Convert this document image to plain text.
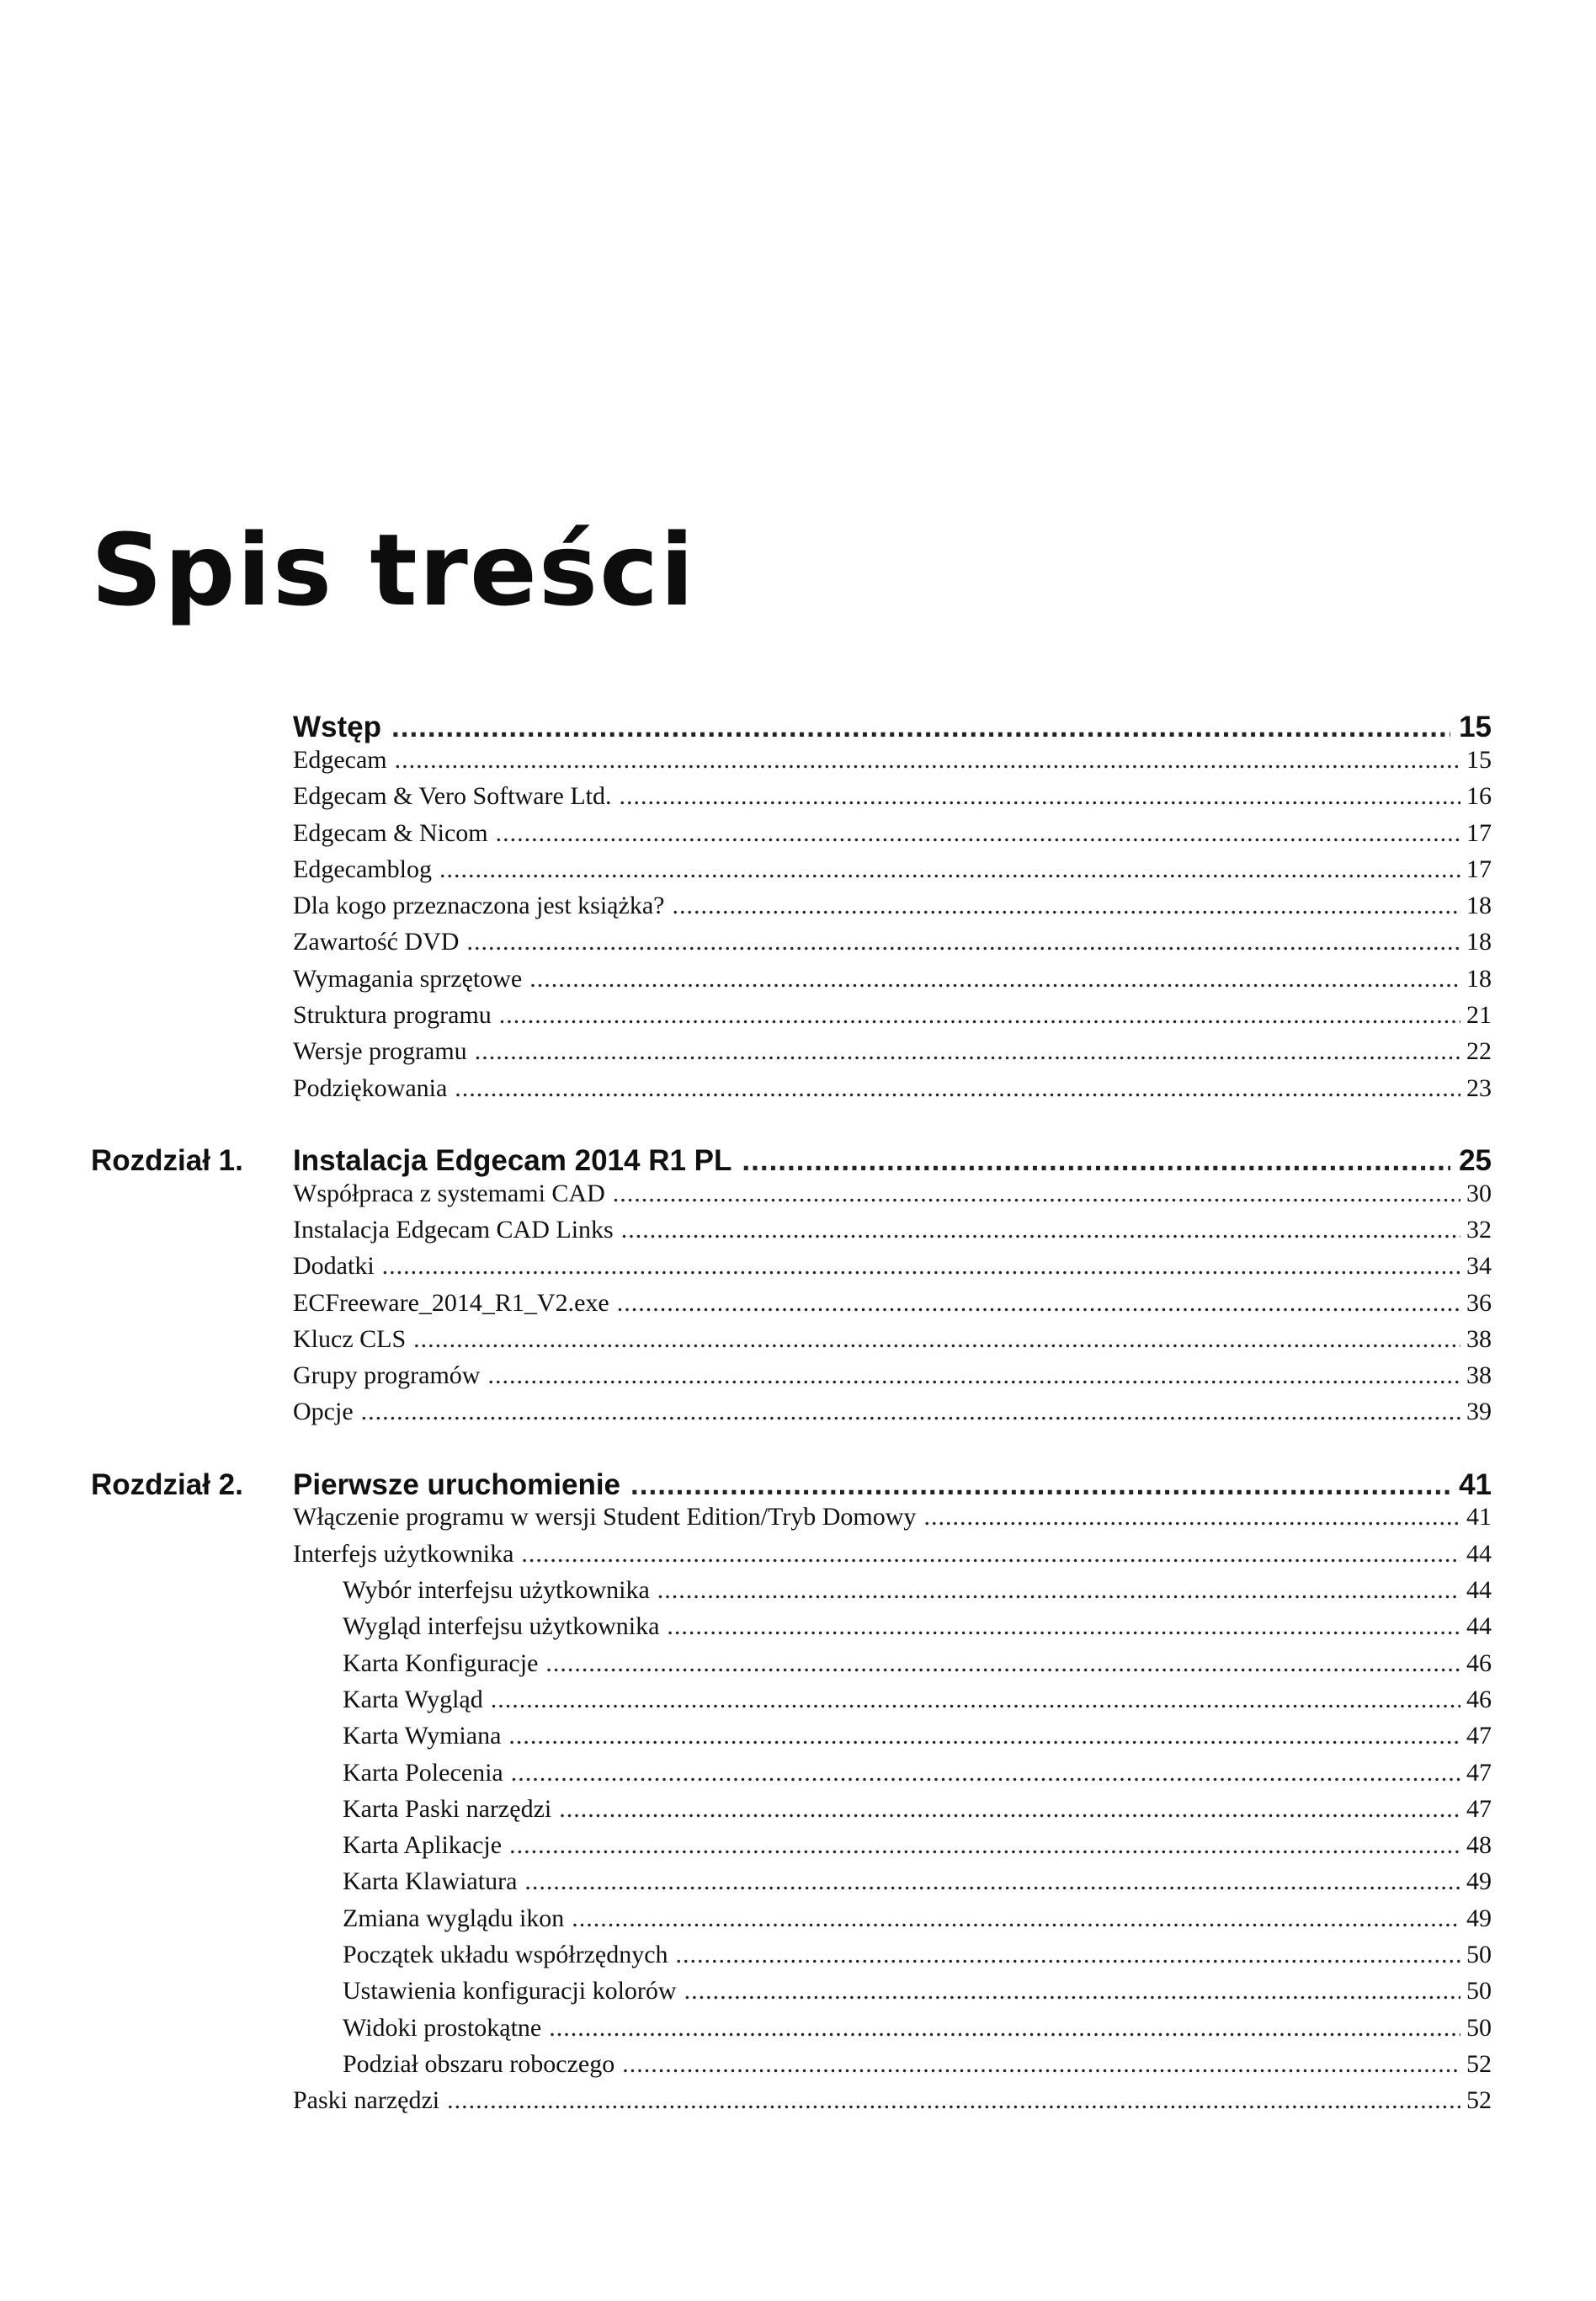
Spis treści
Wstęp .....	15
Edgecam .....	15
Edgecam & Vero Software Ltd. .....	16
Edgecam & Nicom .....	17
Edgecamblog .....	17
Dla kogo przeznaczona jest książka? .....	18
Zawartość DVD .....	18
Wymagania sprzętowe .....	18
Struktura programu .....	21
Wersje programu .....	22
Podziękowania .....	23
Rozdział 1. Instalacja Edgecam 2014 R1 PL .....	25
Współpraca z systemami CAD .....	30
Instalacja Edgecam CAD Links .....	32
Dodatki .....	34
ECFreeware_2014_R1_V2.exe .....	36
Klucz CLS .....	38
Grupy programów .....	38
Opcje .....	39
Rozdział 2. Pierwsze uruchomienie .....	41
Włączenie programu w wersji Student Edition/Tryb Domowy .....	41
Interfejs użytkownika .....	44
Wybór interfejsu użytkownika .....	44
Wygląd interfejsu użytkownika .....	44
Karta Konfiguracje .....	46
Karta Wygląd .....	46
Karta Wymiana .....	47
Karta Polecenia .....	47
Karta Paski narzędzi .....	47
Karta Aplikacje .....	48
Karta Klawiatura .....	49
Zmiana wyglądu ikon .....	49
Początek układu współrzędnych .....	50
Ustawienia konfiguracji kolorów .....	50
Widoki prostokątne .....	50
Podział obszaru roboczego .....	52
Paski narzędzi .....	52
